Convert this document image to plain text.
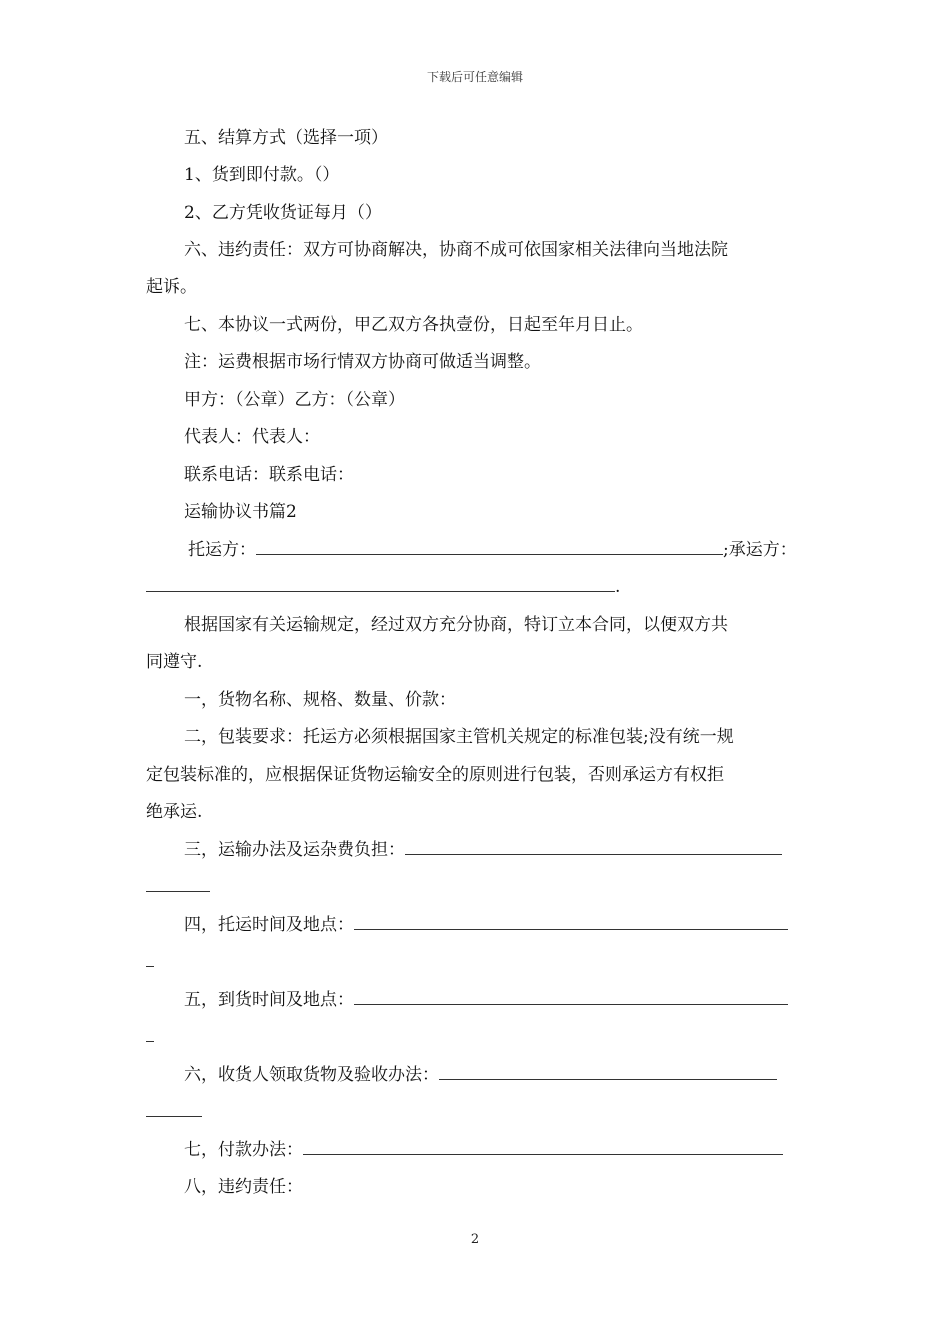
下载后可任意编辑
五、结算方式（选择一项）
1、货到即付款。（）
2、乙方凭收货证每月（）
六、违约责任：双方可协商解决，协商不成可依国家相关法律向当地法院
起诉。
七、本协议一式两份，甲乙双方各执壹份，日起至年月日止。
注：运费根据市场行情双方协商可做适当调整。
甲方：（公章）乙方：（公章）
代表人：代表人：
联系电话：联系电话：
运输协议书篇2
托运方：	;承运方：
.
根据国家有关运输规定，经过双方充分协商，特订立本合同，以便双方共
同遵守.
一，货物名称、规格、数量、价款：
二，包装要求：托运方必须根据国家主管机关规定的标准包装;没有统一规
定包装标准的，应根据保证货物运输安全的原则进行包装，否则承运方有权拒
绝承运.
三，运输办法及运杂费负担：
四，托运时间及地点：
五，到货时间及地点：
六，收货人领取货物及验收办法：
七，付款办法：
八，违约责任：
2
